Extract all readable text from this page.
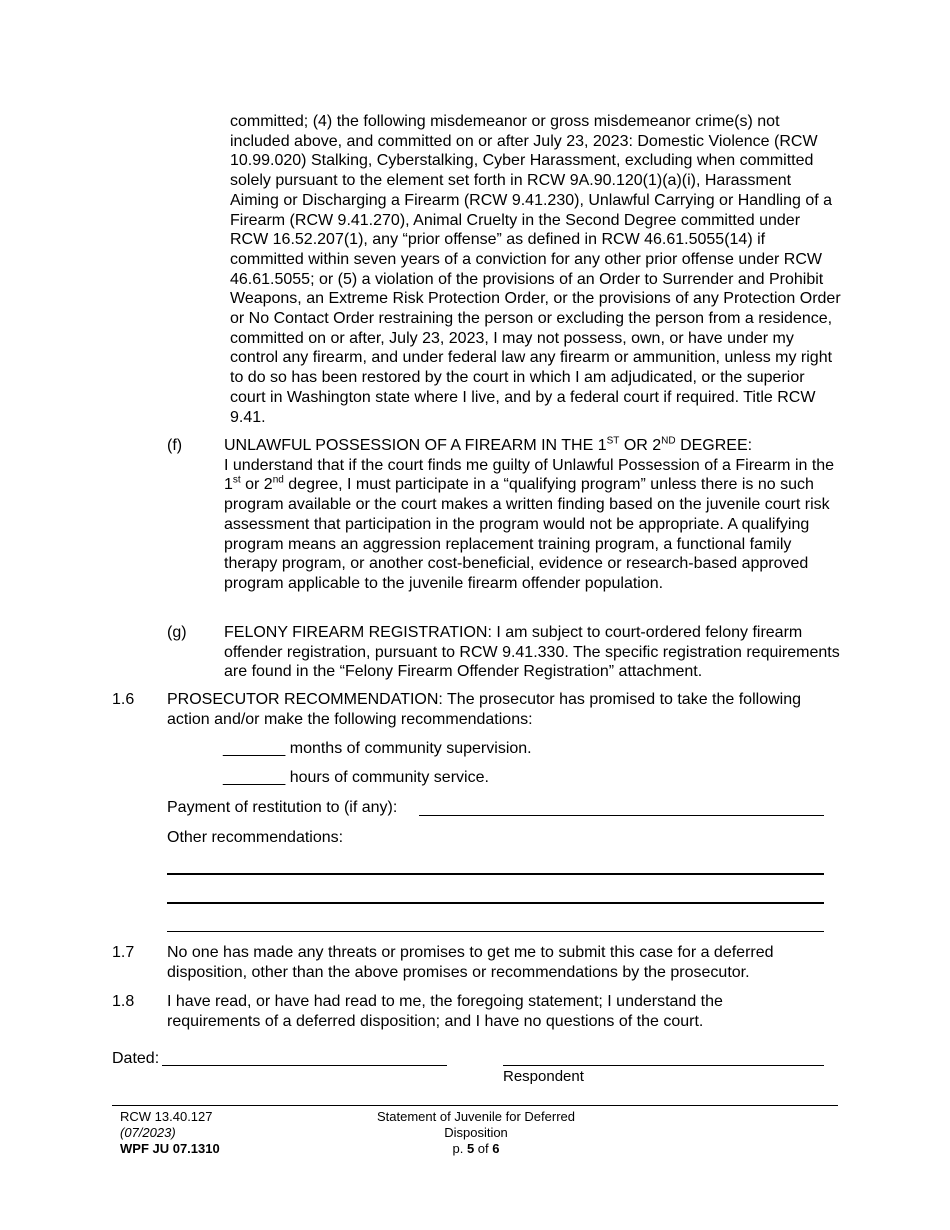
committed; (4) the following misdemeanor or gross misdemeanor crime(s) not included above, and committed on or after July 23, 2023: Domestic Violence (RCW 10.99.020) Stalking, Cyberstalking, Cyber Harassment, excluding when committed solely pursuant to the element set forth in RCW 9A.90.120(1)(a)(i), Harassment Aiming or Discharging a Firearm (RCW 9.41.230), Unlawful Carrying or Handling of a Firearm (RCW 9.41.270), Animal Cruelty in the Second Degree committed under RCW 16.52.207(1), any “prior offense” as defined in RCW 46.61.5055(14) if committed within seven years of a conviction for any other prior offense under RCW 46.61.5055; or (5) a violation of the provisions of an Order to Surrender and Prohibit Weapons, an Extreme Risk Protection Order, or the provisions of any Protection Order or No Contact Order restraining the person or excluding the person from a residence, committed on or after, July 23, 2023, I may not possess, own, or have under my control any firearm, and under federal law any firearm or ammunition, unless my right to do so has been restored by the court in which I am adjudicated, or the superior court in Washington state where I live, and by a federal court if required. Title RCW 9.41.
(f)	UNLAWFUL POSSESSION OF A FIREARM IN THE 1ST OR 2ND DEGREE:
I understand that if the court finds me guilty of Unlawful Possession of a Firearm in the 1st or 2nd degree, I must participate in a “qualifying program” unless there is no such program available or the court makes a written finding based on the juvenile court risk assessment that participation in the program would not be appropriate. A qualifying program means an aggression replacement training program, a functional family therapy program, or another cost-beneficial, evidence or research-based approved program applicable to the juvenile firearm offender population.
(g) FELONY FIREARM REGISTRATION: I am subject to court-ordered felony firearm offender registration, pursuant to RCW 9.41.330. The specific registration requirements are found in the “Felony Firearm Offender Registration” attachment.
1.6 PROSECUTOR RECOMMENDATION: The prosecutor has promised to take the following action and/or make the following recommendations:
_______ months of community supervision.
_______ hours of community service.
Payment of restitution to (if any):
Other recommendations:
1.7 No one has made any threats or promises to get me to submit this case for a deferred disposition, other than the above promises or recommendations by the prosecutor.
1.8 I have read, or have had read to me, the foregoing statement; I understand the requirements of a deferred disposition; and I have no questions of the court.
Dated:
Respondent
RCW 13.40.127
(07/2023)
WPF JU 07.1310
Statement of Juvenile for Deferred
Disposition
p. 5 of 6
